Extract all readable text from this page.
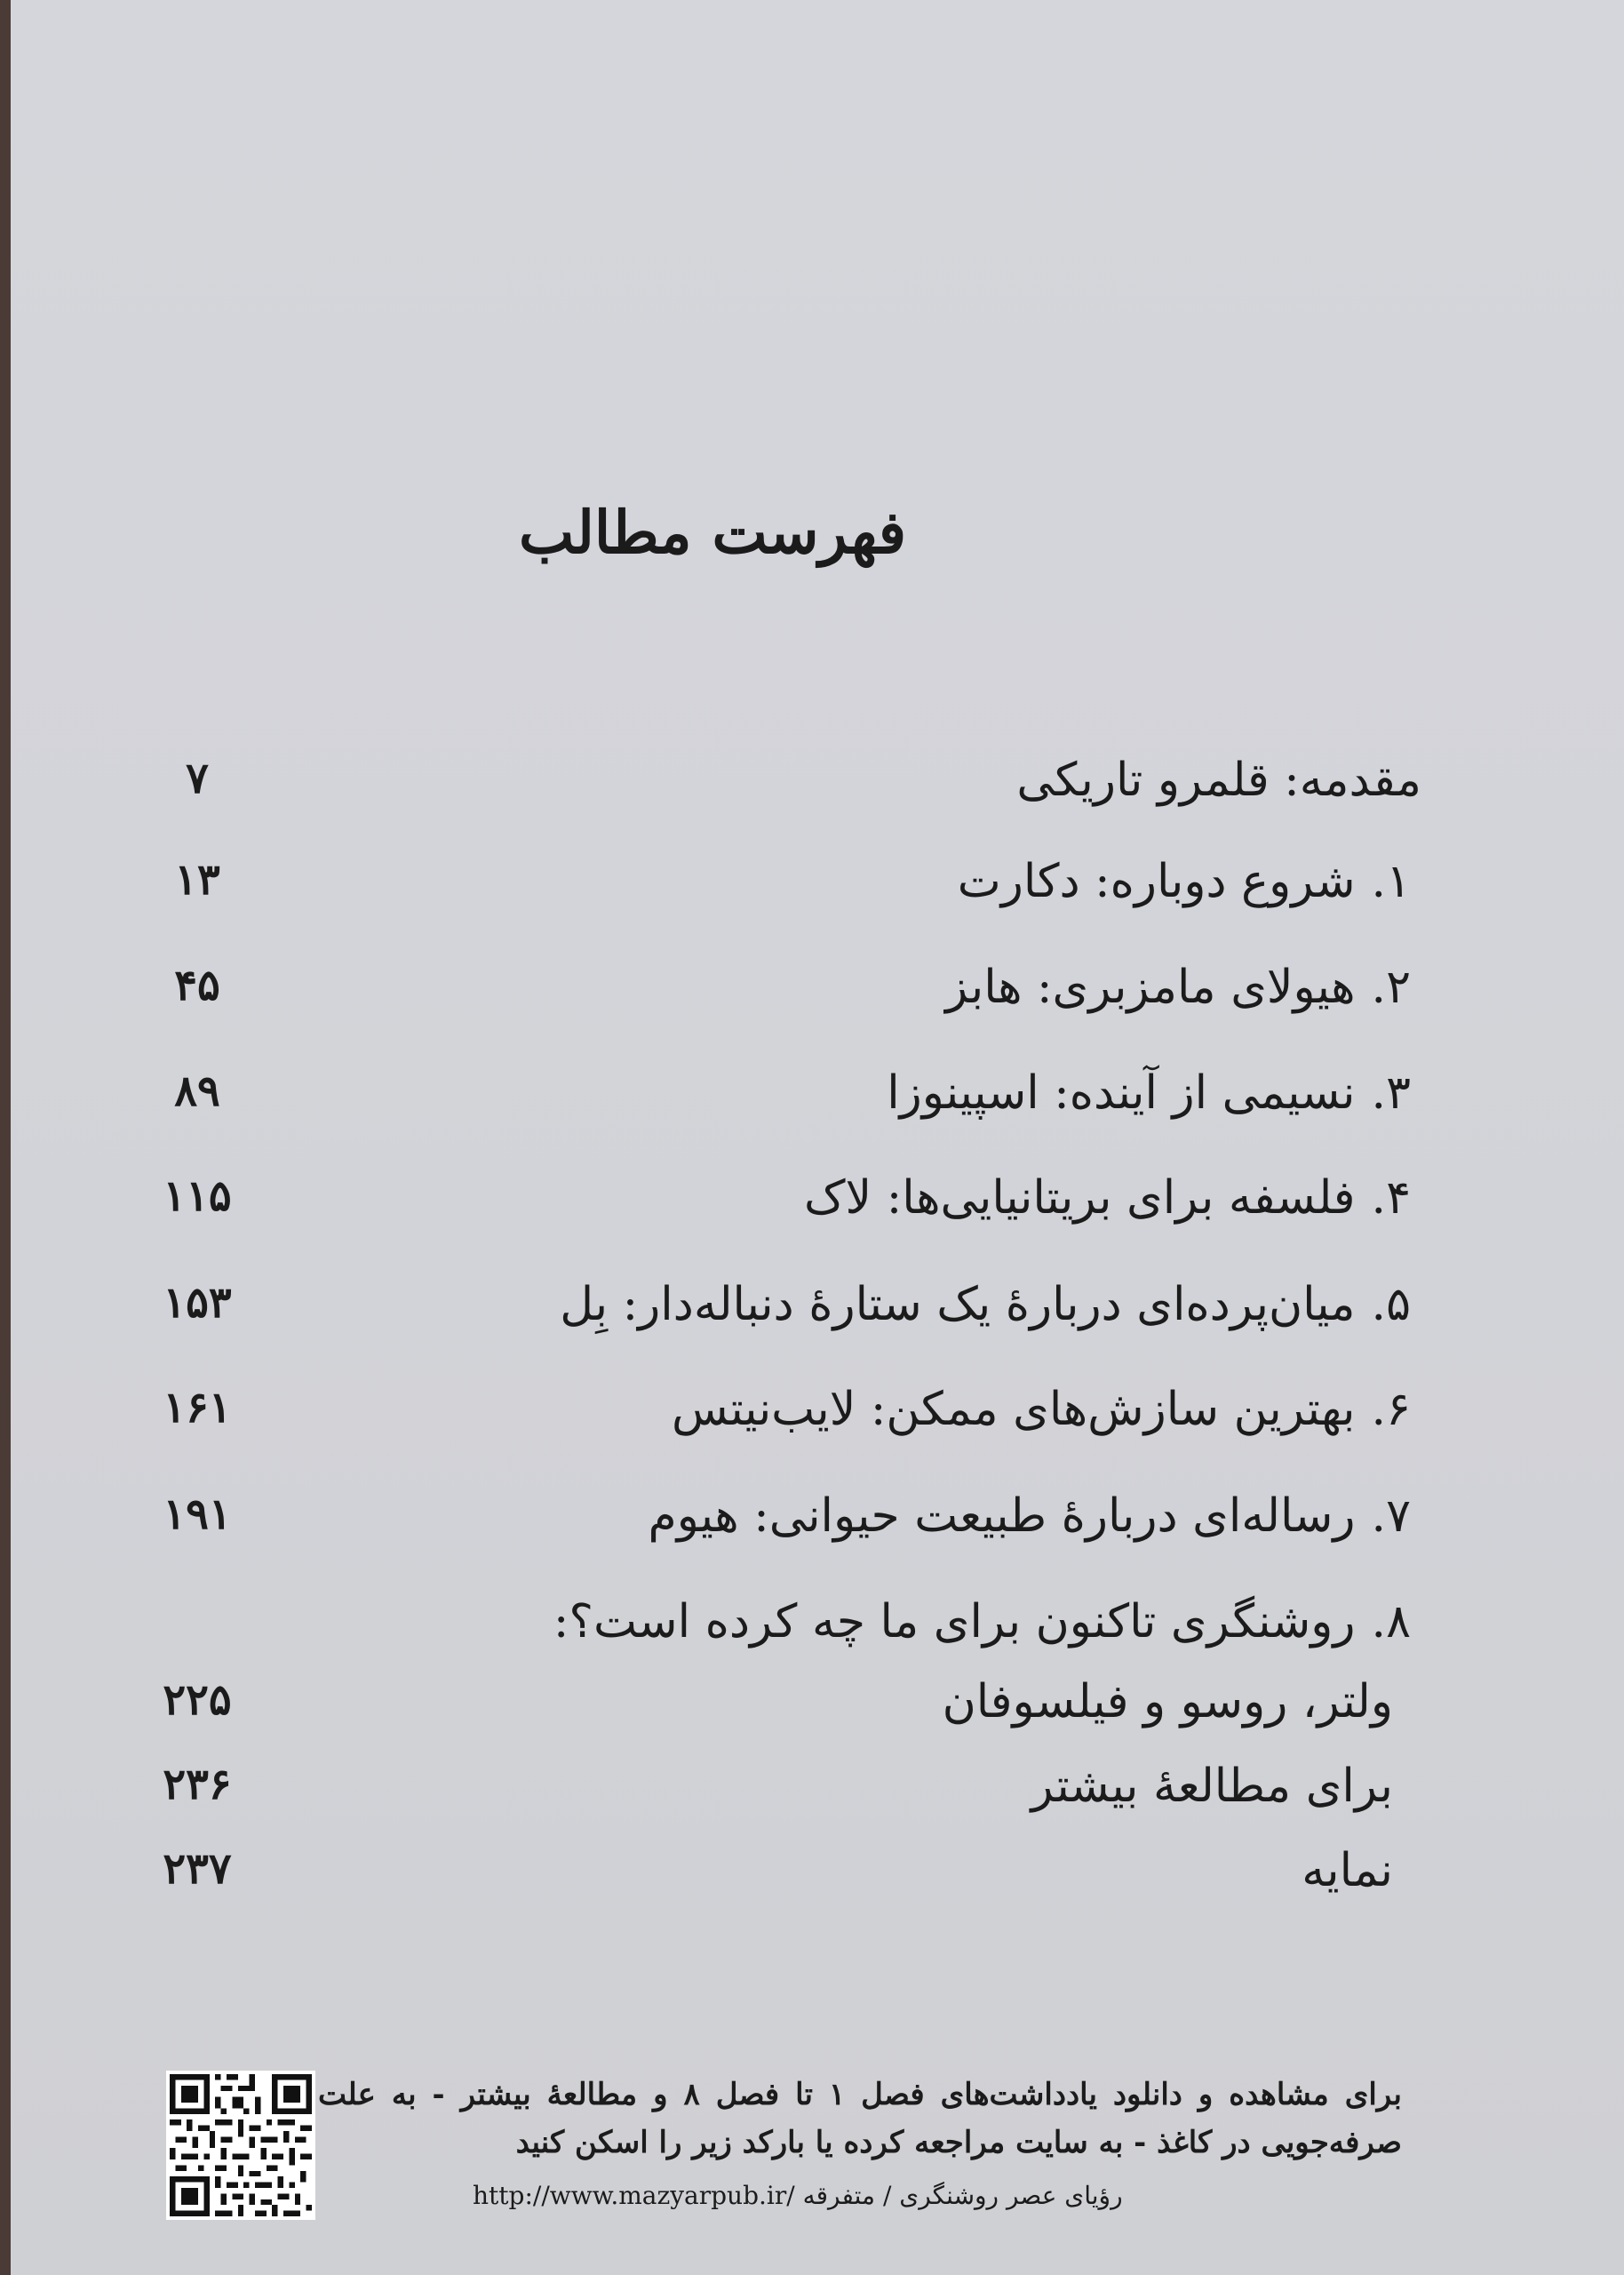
فهرست مطالب
مقدمه: قلمرو تاریکی
۷
۱.شروع دوباره: دکارت
۱۳
۲.هیولای مامزبری: هابز
۴۵
۳.نسیمی از آینده: اسپینوزا
۸۹
۴.فلسفه برای بریتانیایی‌ها: لاک
۱۱۵
۵.میان‌پرده‌ای دربارهٔ یک ستارهٔ دنباله‌دار: بِل
۱۵۳
۶.بهترین سازش‌های ممکن: لایب‌نیتس
۱۶۱
۷.رساله‌ای دربارهٔ طبیعت حیوانی: هیوم
۱۹۱
۸.روشنگری تاکنون برای ما چه کرده است؟:
ولتر، روسو و فیلسوفان
۲۲۵
برای مطالعهٔ بیشتر
۲۳۶
نمایه
۲۳۷
برای مشاهده و دانلود یادداشت‌های فصل ۱ تا فصل ۸ و مطالعهٔ بیشتر - به علت صرفه‌جویی در کاغذ - به سایت مراجعه کرده یا بارکد زیر را اسکن کنید
http://www.mazyarpub.ir/ رؤیای عصر روشنگری / متفرقه
